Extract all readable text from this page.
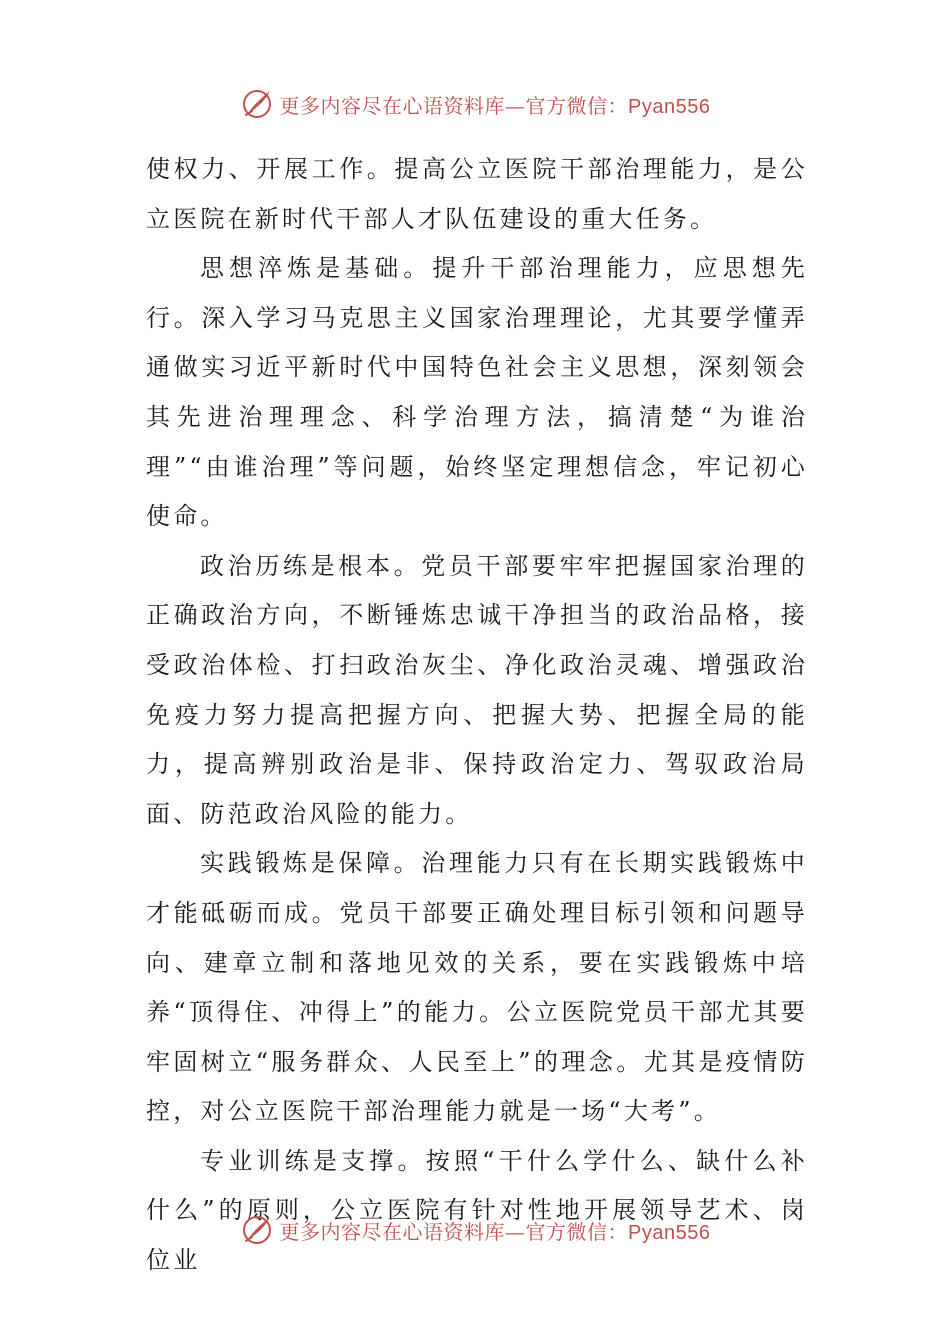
更多内容尽在心语资料库—官方微信：Pyan556

使权力、开展工作。提高公立医院干部治理能力，是公立医院在新时代干部人才队伍建设的重大任务。

思想淬炼是基础。提升干部治理能力，应思想先行。深入学习马克思主义国家治理理论，尤其要学懂弄通做实习近平新时代中国特色社会主义思想，深刻领会其先进治理理念、科学治理方法，搞清楚“为谁治理”“由谁治理”等问题，始终坚定理想信念，牢记初心使命。

政治历练是根本。党员干部要牢牢把握国家治理的正确政治方向，不断锤炼忠诚干净担当的政治品格，接受政治体检、打扫政治灰尘、净化政治灵魂、增强政治免疫力努力提高把握方向、把握大势、把握全局的能力，提高辨别政治是非、保持政治定力、驾驭政治局面、防范政治风险的能力。

实践锻炼是保障。治理能力只有在长期实践锻炼中才能砥砺而成。党员干部要正确处理目标引领和问题导向、建章立制和落地见效的关系，要在实践锻炼中培养“顶得住、冲得上”的能力。公立医院党员干部尤其要牢固树立“服务群众、人民至上”的理念。尤其是疫情防控，对公立医院干部治理能力就是一场“大考”。

专业训练是支撑。按照“干什么学什么、缺什么补什么”的原则，公立医院有针对性地开展领导艺术、岗位业

更多内容尽在心语资料库—官方微信：Pyan556
